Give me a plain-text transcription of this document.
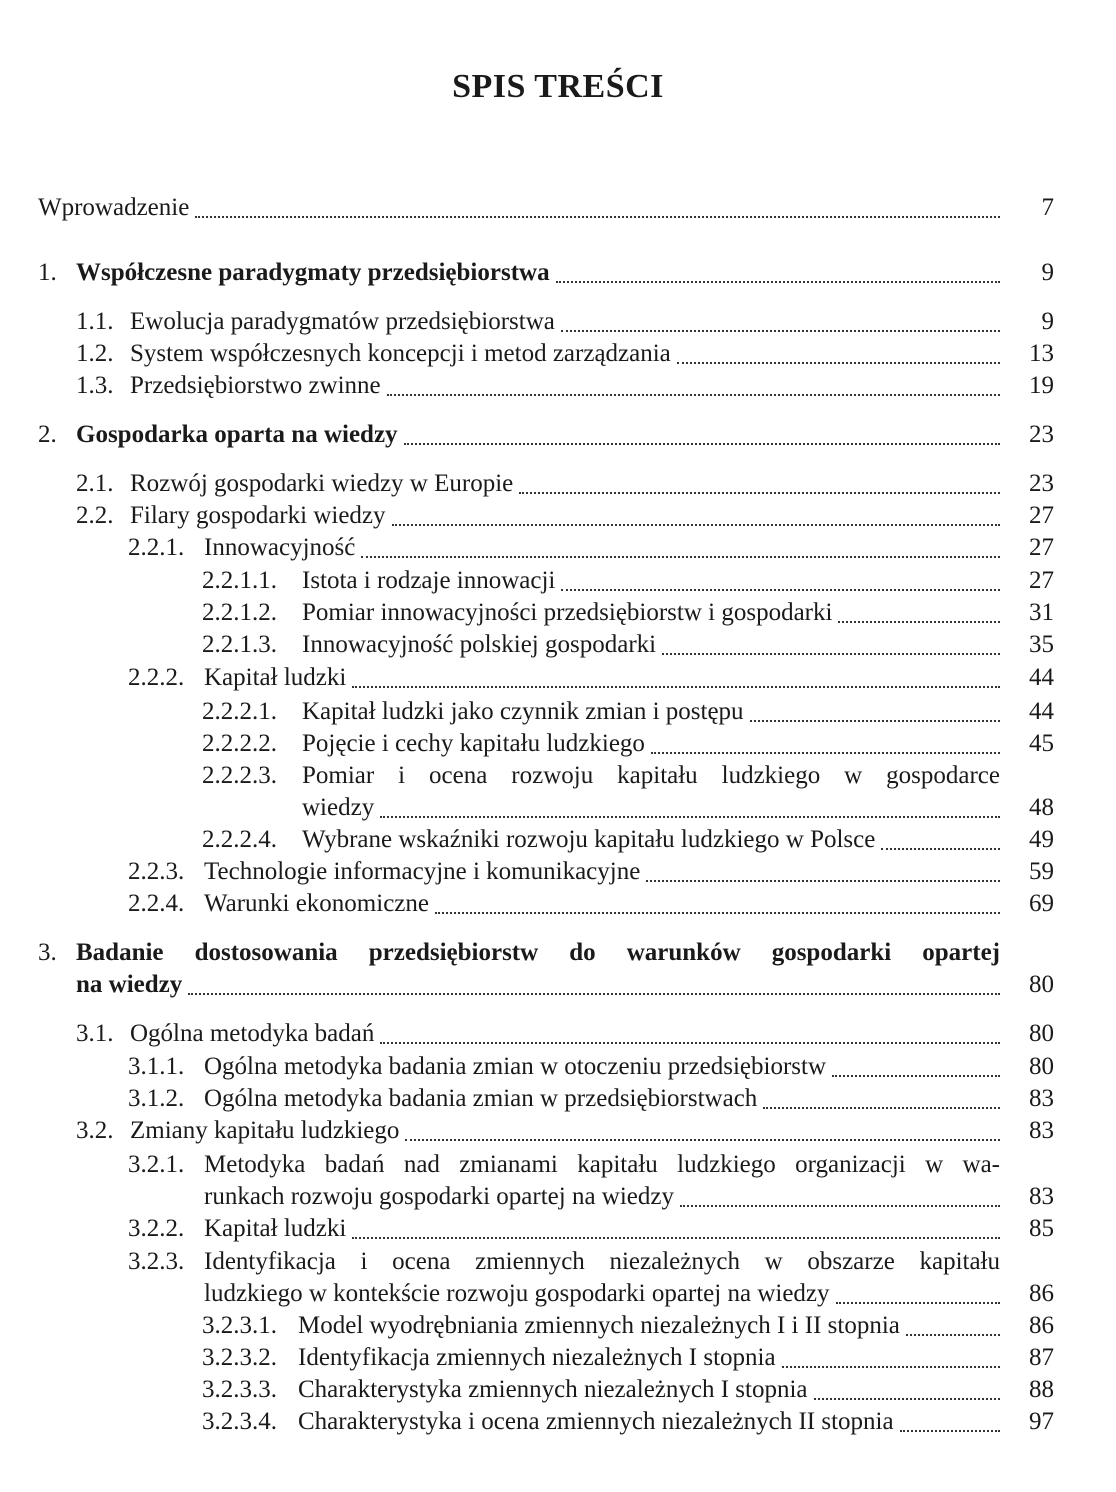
SPIS TREŚCI
Wprowadzenie	7
1. Współczesne paradygmaty przedsiębiorstwa	9
1.1. Ewolucja paradygmatów przedsiębiorstwa	9
1.2. System współczesnych koncepcji i metod zarządzania	13
1.3. Przedsiębiorstwo zwinne	19
2. Gospodarka oparta na wiedzy	23
2.1. Rozwój gospodarki wiedzy w Europie	23
2.2. Filary gospodarki wiedzy	27
2.2.1. Innowacyjność	27
2.2.1.1.	Istota i rodzaje innowacji	27
2.2.1.2.	Pomiar innowacyjności przedsiębiorstw i gospodarki	31
2.2.1.3.	Innowacyjność polskiej gospodarki	35
2.2.2. Kapitał ludzki	44
2.2.2.1.	Kapitał ludzki jako czynnik zmian i postępu	44
2.2.2.2.	Pojęcie i cechy kapitału ludzkiego	45
2.2.2.3.	Pomiar i ocena rozwoju kapitału ludzkiego w gospodarce
wiedzy	48
2.2.2.4.	Wybrane wskaźniki rozwoju kapitału ludzkiego w Polsce	49
2.2.3. Technologie informacyjne i komunikacyjne	59
2.2.4. Warunki ekonomiczne	69
3. Badanie dostosowania przedsiębiorstw do warunków gospodarki opartej
na wiedzy	80
3.1. Ogólna metodyka badań	80
3.1.1. Ogólna metodyka badania zmian w otoczeniu przedsiębiorstw	80
3.1.2. Ogólna metodyka badania zmian w przedsiębiorstwach	83
3.2. Zmiany kapitału ludzkiego	83
3.2.1. Metodyka badań nad zmianami kapitału ludzkiego organizacji w wa-
runkach rozwoju gospodarki opartej na wiedzy	83
3.2.2. Kapitał ludzki	85
3.2.3. Identyfikacja i ocena zmiennych niezależnych w obszarze kapitału
ludzkiego w kontekście rozwoju gospodarki opartej na wiedzy	86
3.2.3.1. Model wyodrębniania zmiennych niezależnych I i II stopnia	86
3.2.3.2. Identyfikacja zmiennych niezależnych I stopnia	87
3.2.3.3. Charakterystyka zmiennych niezależnych I stopnia	88
3.2.3.4. Charakterystyka i ocena zmiennych niezależnych II stopnia	97
